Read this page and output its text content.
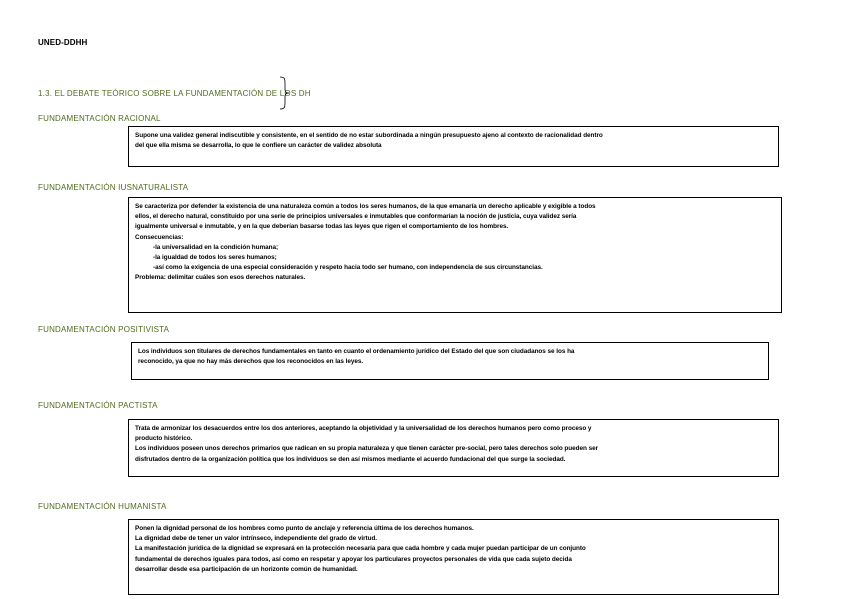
UNED-DDHH
1.3. EL DEBATE TEÓRICO SOBRE LA FUNDAMENTACIÓN DE LOS DH
FUNDAMENTACIÓN RACIONAL

Supone una validez general indiscutible y consistente, en el sentido de no estar subordinada a ningún presupuesto ajeno al contexto de racionalidad dentro

del que ella misma se desarrolla, lo que le confiere un carácter de validez absoluta

FUNDAMENTACIÓN IUSNATURALISTA

Se caracteriza por defender la existencia de una naturaleza común a todos los seres humanos, de la que emanaría un derecho aplicable y exigible a todos

ellos, el derecho natural, constituido por una serie de principios universales e inmutables que conformarían la noción de justicia, cuya validez sería

igualmente universal e inmutable, y en la que deberían basarse todas las leyes que rigen el comportamiento de los hombres.

Consecuencias:

-la universalidad en la condición humana;

-la igualdad de todos los seres humanos;

-así como la exigencia de una especial consideración y respeto hacia todo ser humano, con independencia de sus circunstancias.

Problema: delimitar cuáles son esos derechos naturales.

FUNDAMENTACIÓN POSITIVISTA

Los individuos son titulares de derechos fundamentales en tanto en cuanto el ordenamiento jurídico del Estado del que son ciudadanos se los ha

reconocido, ya que no hay más derechos que los reconocidos en las leyes.

FUNDAMENTACIÓN PACTISTA

Trata de armonizar los desacuerdos entre los dos anteriores, aceptando la objetividad y la universalidad de los derechos humanos pero como proceso y

producto histórico.

Los individuos poseen unos derechos primarios que radican en su propia naturaleza y que tienen carácter pre-social, pero tales derechos solo pueden ser

disfrutados dentro de la organización política que los individuos se den así mismos mediante el acuerdo fundacional del que surge la sociedad.

FUNDAMENTACIÓN HUMANISTA

Ponen la dignidad personal de los hombres como punto de anclaje y referencia última de los derechos humanos.

La dignidad debe de tener un valor intrínseco, independiente del grado de virtud.

La manifestación jurídica de la dignidad se expresará en la protección necesaria para que cada hombre y cada mujer puedan participar de un conjunto

fundamental de derechos iguales para todos, así como en respetar y apoyar los particulares proyectos personales de vida que cada sujeto decida

desarrollar desde esa participación de un horizonte común de humanidad.
